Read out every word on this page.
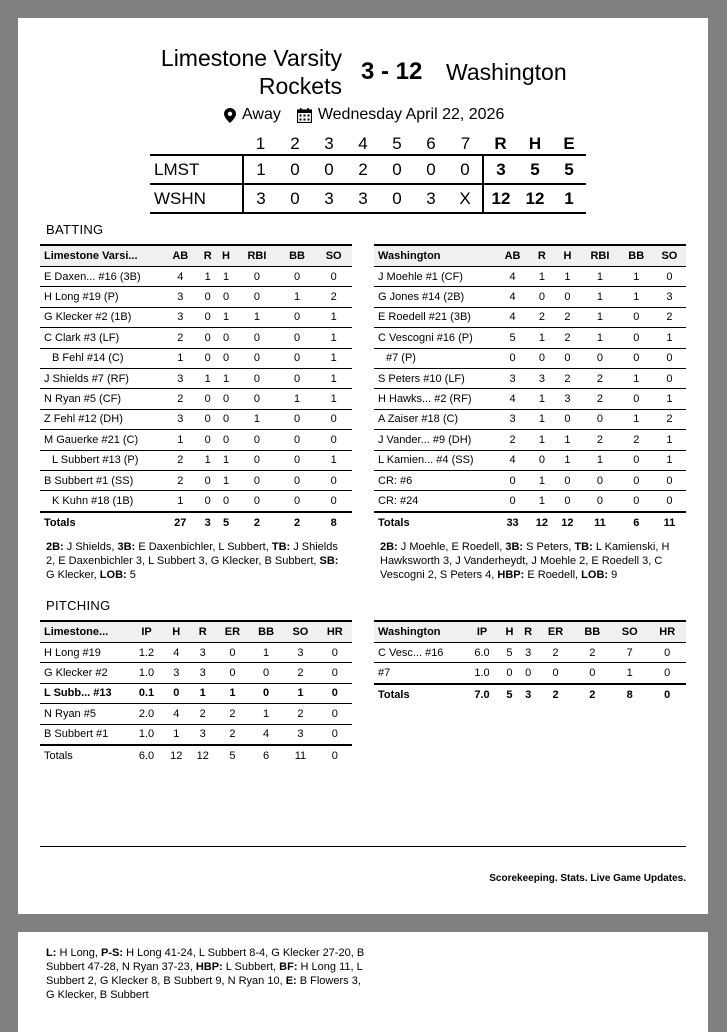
Limestone Varsity
Rockets
3 - 12 Washington
Away Wednesday April 22, 2026
	1	2	3	4	5	6	7	R	H	E
LMST	1	0	0	2	0	0	0	3	5	5
WSHN	3	0	3	3	0	3	X	12	12	1
BATTING
Limestone Varsi...	AB	R	H	RBI	BB	SO
E Daxen... #16 (3B)	4	1	1	0	0	0
H Long #19 (P)	3	0	0	0	1	2
G Klecker #2 (1B)	3	0	1	1	0	1
C Clark #3 (LF)	2	0	0	0	0	1
B Fehl #14 (C)	1	0	0	0	0	1
J Shields #7 (RF)	3	1	1	0	0	1
N Ryan #5 (CF)	2	0	0	0	1	1
Z Fehl #12 (DH)	3	0	0	1	0	0
M Gauerke #21 (C)	1	0	0	0	0	0
L Subbert #13 (P)	2	1	1	0	0	1
B Subbert #1 (SS)	2	0	1	0	0	0
K Kuhn #18 (1B)	1	0	0	0	0	0
Totals	27	3	5	2	2	8
Washington	AB	R	H	RBI	BB	SO
J Moehle #1 (CF)	4	1	1	1	1	0
G Jones #14 (2B)	4	0	0	1	1	3
E Roedell #21 (3B)	4	2	2	1	0	2
C Vescogni #16 (P)	5	1	2	1	0	1
#7 (P)	0	0	0	0	0	0
S Peters #10 (LF)	3	3	2	2	1	0
H Hawks... #2 (RF)	4	1	3	2	0	1
A Zaiser #18 (C)	3	1	0	0	1	2
J Vander... #9 (DH)	2	1	1	2	2	1
L Kamien... #4 (SS)	4	0	1	1	0	1
CR: #6	0	1	0	0	0	0
CR: #24	0	1	0	0	0	0
Totals	33	12	12	11	6	11
2B: J Shields, 3B: E Daxenbichler, L Subbert, TB: J Shields 2, E Daxenbichler 3, L Subbert 3, G Klecker, B Subbert, SB: G Klecker, LOB: 5
2B: J Moehle, E Roedell, 3B: S Peters, TB: L Kamienski, H Hawksworth 3, J Vanderheydt, J Moehle 2, E Roedell 3, C Vescogni 2, S Peters 4, HBP: E Roedell, LOB: 9
PITCHING
Limestone...	IP	H	R	ER	BB	SO	HR
H Long #19	1.2	4	3	0	1	3	0
G Klecker #2	1.0	3	3	0	0	2	0
L Subb... #13	0.1	0	1	1	0	1	0
N Ryan #5	2.0	4	2	2	1	2	0
B Subbert #1	1.0	1	3	2	4	3	0
Totals	6.0	12	12	5	6	11	0
Washington	IP	H	R	ER	BB	SO	HR
C Vesc... #16	6.0	5	3	2	2	7	0
#7	1.0	0	0	0	0	1	0
Totals	7.0	5	3	2	2	8	0
Scorekeeping. Stats. Live Game Updates.
L: H Long, P-S: H Long 41-24, L Subbert 8-4, G Klecker 27-20, B Subbert 47-28, N Ryan 37-23, HBP: L Subbert, BF: H Long 11, L Subbert 2, G Klecker 8, B Subbert 9, N Ryan 10, E: B Flowers 3, G Klecker, B Subbert
